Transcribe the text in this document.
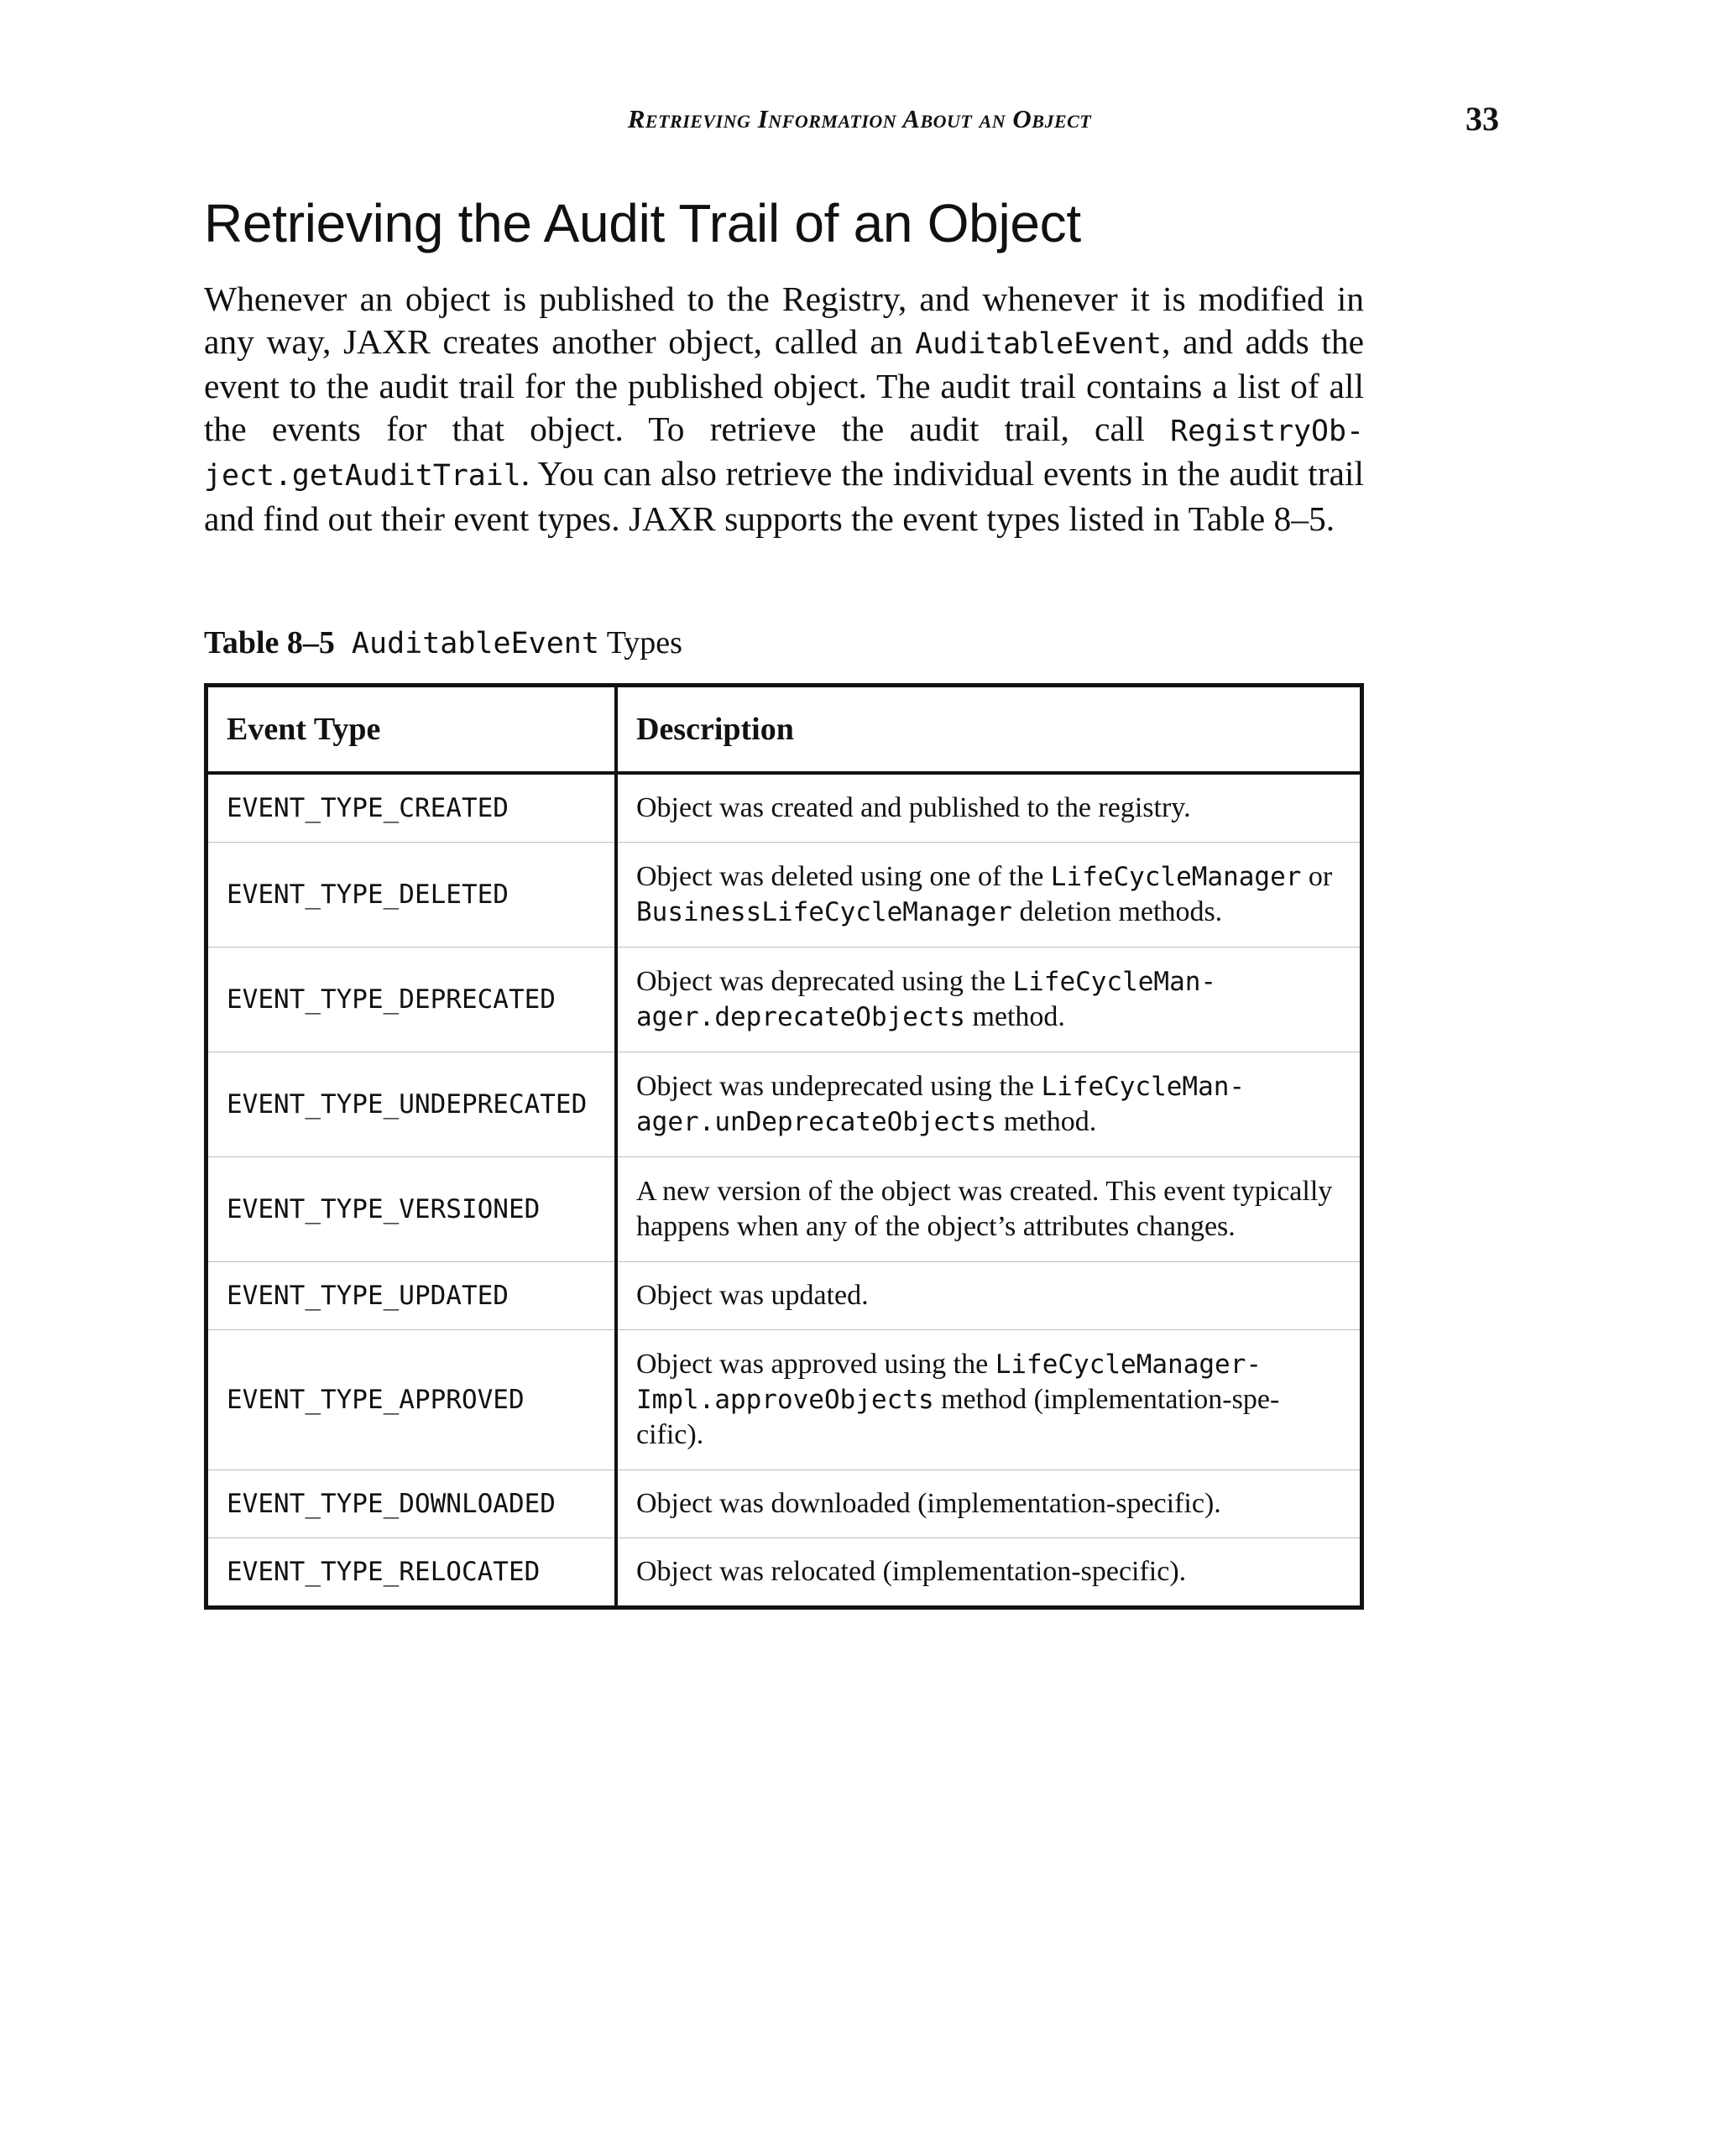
Retrieving Information About an Object	33
Retrieving the Audit Trail of an Object

Whenever an object is published to the Registry, and whenever it is modified in any way, JAXR creates another object, called an AuditableEvent, and adds the event to the audit trail for the published object. The audit trail contains a list of all the events for that object. To retrieve the audit trail, call RegistryOb-ject.getAuditTrail. You can also retrieve the individual events in the audit trail and find out their event types. JAXR supports the event types listed in Table 8–5.

Table 8–5 AuditableEvent Types
Event Type	Description
EVENT_TYPE_CREATED	Object was created and published to the registry.
EVENT_TYPE_DELETED	Object was deleted using one of the LifeCycleManager or BusinessLifeCycleManager deletion methods.
EVENT_TYPE_DEPRECATED	Object was deprecated using the LifeCycleMan-ager.deprecateObjects method.
EVENT_TYPE_UNDEPRECATED	Object was undeprecated using the LifeCycleMan-ager.unDeprecateObjects method.
EVENT_TYPE_VERSIONED	A new version of the object was created. This event typically happens when any of the object’s attributes changes.
EVENT_TYPE_UPDATED	Object was updated.
EVENT_TYPE_APPROVED	Object was approved using the LifeCycleManager-Impl.approveObjects method (implementation-spe-cific).
EVENT_TYPE_DOWNLOADED	Object was downloaded (implementation-specific).
EVENT_TYPE_RELOCATED	Object was relocated (implementation-specific).
